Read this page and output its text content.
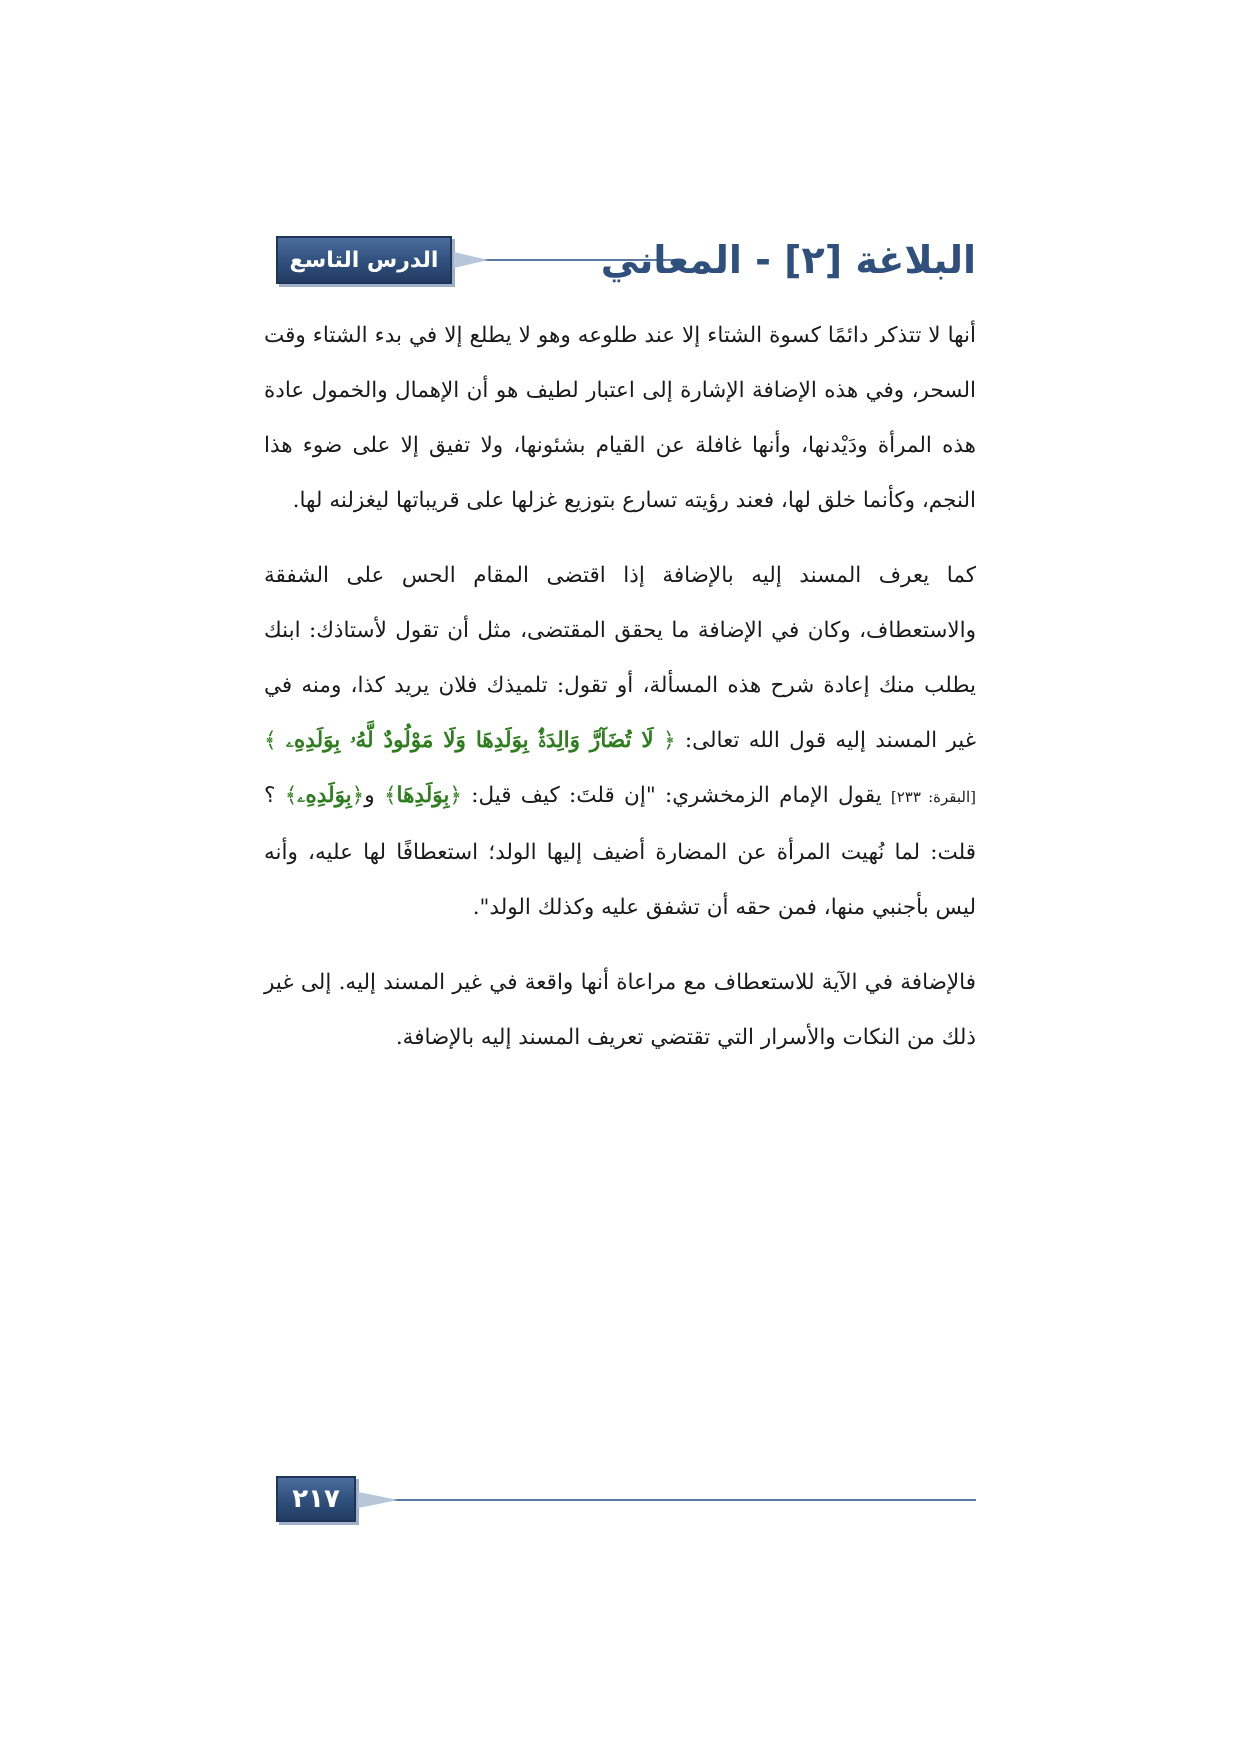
الدرس التاسع	البلاغة [٢] - المعاني

أنها لا تتذكر دائمًا كسوة الشتاء إلا عند طلوعه وهو لا يطلع إلا في بدء الشتاء وقت السحر، وفي هذه الإضافة الإشارة إلى اعتبار لطيف هو أن الإهمال والخمول عادة هذه المرأة ودَيْدنها، وأنها غافلة عن القيام بشئونها، ولا تفيق إلا على ضوء هذا النجم، وكأنما خلق لها، فعند رؤيته تسارع بتوزيع غزلها على قريباتها ليغزلنه لها.

كما يعرف المسند إليه بالإضافة إذا اقتضى المقام الحس على الشفقة والاستعطاف، وكان في الإضافة ما يحقق المقتضى، مثل أن تقول لأستاذك: ابنك يطلب منك إعادة شرح هذه المسألة، أو تقول: تلميذك فلان يريد كذا، ومنه في غير المسند إليه قول الله تعالى: ﴿ لَا تُضَآرَّ وَالِدَةٌۢ بِوَلَدِهَا وَلَا مَوْلُودٌ لَّهُۥ بِوَلَدِهِۦ ﴾ [البقرة: ٢٣٣] يقول الإمام الزمخشري: "إن قلتَ: كيف قيل: ﴿بِوَلَدِهَا﴾ و﴿بِوَلَدِهِۦ﴾ ؟ قلت: لما نُهيت المرأة عن المضارة أضيف إليها الولد؛ استعطافًا لها عليه، وأنه ليس بأجنبي منها، فمن حقه أن تشفق عليه وكذلك الولد".

فالإضافة في الآية للاستعطاف مع مراعاة أنها واقعة في غير المسند إليه. إلى غير ذلك من النكات والأسرار التي تقتضي تعريف المسند إليه بالإضافة.

٢١٧
